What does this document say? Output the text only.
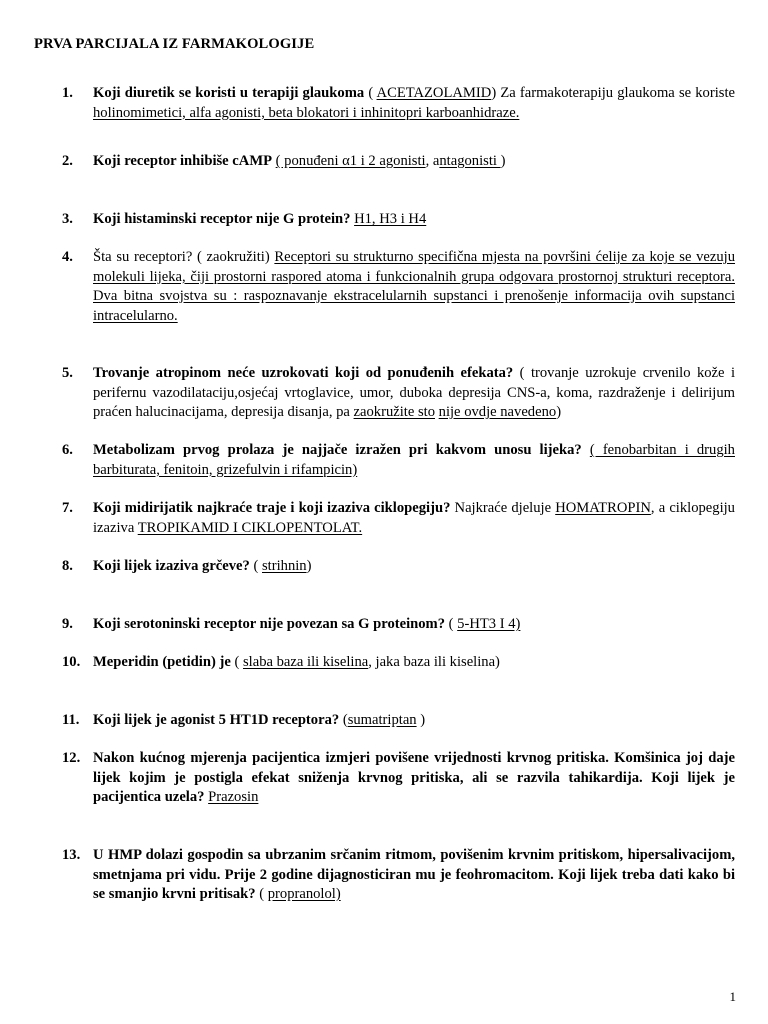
PRVA PARCIJALA IZ FARMAKOLOGIJE
1.	Koji diuretik se koristi u terapiji glaukoma ( ACETAZOLAMID) Za farmakoterapiju glaukoma se koriste holinomimetici, alfa agonisti, beta blokatori i inhinitopri karboanhidraze.
2.	Koji receptor inhibiše cAMP ( ponuđeni α1 i 2 agonisti, antagonisti )
3.	Koji histaminski receptor nije G protein? H1, H3 i H4
4.	Šta su receptori? ( zaokružiti) Receptori su strukturno specifična mjesta na površini ćelije za koje se vezuju molekuli lijeka, čiji prostorni raspored atoma i funkcionalnih grupa odgovara prostornoj strukturi receptora. Dva bitna svojstva su : raspoznavanje ekstracelularnih supstanci i prenošenje informacija ovih supstanci intracelularno.
5.	Trovanje atropinom neće uzrokovati koji od ponuđenih efekata? ( trovanje uzrokuje crvenilo kože i perifernu vazodilataciju,osjećaj vrtoglavice, umor, duboka depresija CNS-a, koma, razdraženje i delirijum praćen halucinacijama, depresija disanja, pa zaokružite sto nije ovdje navedeno)
6.	Metabolizam prvog prolaza je najjače izražen pri kakvom unosu lijeka? ( fenobarbitan i drugih barbiturata, fenitoin, grizefulvin i rifampicin)
7.	Koji midirijatik najkraće traje i koji izaziva ciklopegiju? Najkraće djeluje HOMATROPIN, a ciklopegiju izaziva TROPIKAMID I CIKLOPENTOLAT.
8.	Koji lijek izaziva grčeve? ( strihnin)
9.	Koji serotoninski receptor nije povezan sa G proteinom? ( 5-HT3 I 4)
10. Meperidin (petidin) je ( slaba baza ili kiselina, jaka baza ili kiselina)
11. Koji lijek je agonist 5 HT1D receptora? (sumatriptan )
12. Nakon kućnog mjerenja pacijentica izmjeri povišene vrijednosti krvnog pritiska. Komšinica joj daje lijek kojim je postigla efekat sniženja krvnog pritiska, ali se razvila tahikardija. Koji lijek je pacijentica uzela? Prazosin
13. U HMP dolazi gospodin sa ubrzanim srčanim ritmom, povišenim krvnim pritiskom, hipersalivacijom, smetnjama pri vidu. Prije 2 godine dijagnosticiran mu je feohromacitom. Koji lijek treba dati kako bi se smanjio krvni pritisak? ( propranolol)
1
